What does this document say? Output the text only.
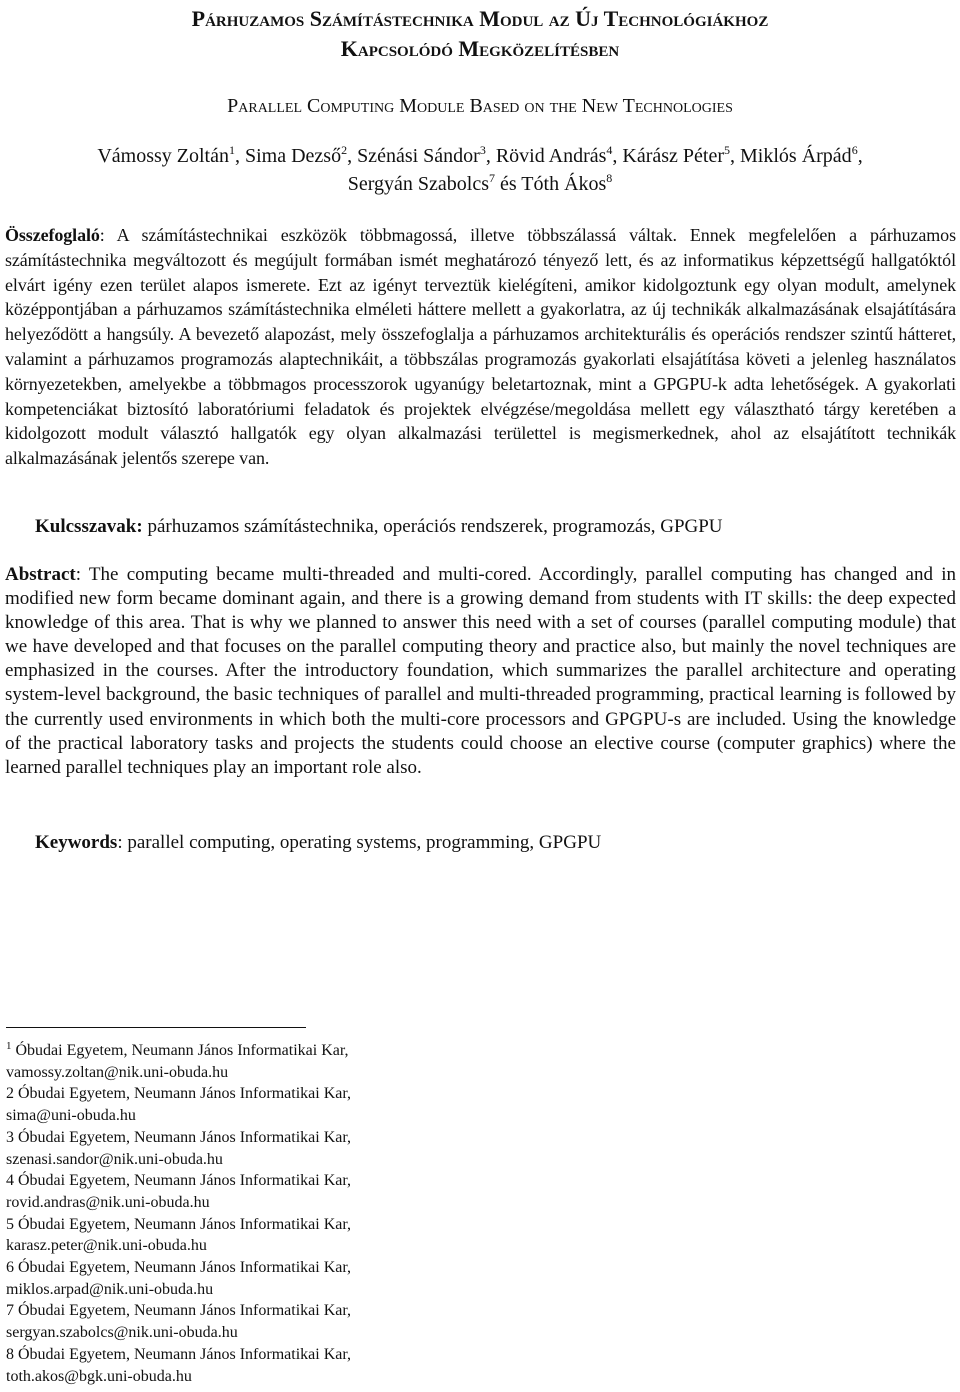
Párhuzamos Számítástechnika Modul az Új Technológiákhoz
Kapcsolódó Megközelítésben
Parallel Computing Module Based on the New Technologies
Vámossy Zoltán$^1$, Sima Dezső$^2$, Szénási Sándor$^3$, Rövid András$^4$, Kárász Péter$^5$, Miklós Árpád$^6$,
Sergyán Szabolcs$^7$ és Tóth Ákos$^8$
Összefoglaló: A számítástechnikai eszközök többmagossá, illetve többszálassá váltak. Ennek megfelelően a párhuzamos számítástechnika megváltozott és megújult formában ismét meghatározó tényező lett, és az informatikus képzettségű hallgatóktól elvárt igény ezen terület alapos ismerete. Ezt az igényt terveztük kielégíteni, amikor kidolgoztunk egy olyan modult, amelynek középpontjában a párhuzamos számítástechnika elméleti háttere mellett a gyakorlatra, az új technikák alkalmazásának elsajátítására helyeződött a hangsúly. A bevezető alapozást, mely összefoglalja a párhuzamos architekturális és operációs rendszer szintű hátteret, valamint a párhuzamos programozás alaptechnikáit, a többszálas programozás gyakorlati elsajátítása követi a jelenleg használatos környezetekben, amelyekbe a többmagos processzorok ugyanúgy beletartoznak, mint a GPGPU-k adta lehetőségek. A gyakorlati kompetenciákat biztosító laboratóriumi feladatok és projektek elvégzése/megoldása mellett egy választható tárgy keretében a kidolgozott modult választó hallgatók egy olyan alkalmazási területtel is megismerkednek, ahol az elsajátított technikák alkalmazásának jelentős szerepe van.
Kulcsszavak: párhuzamos számítástechnika, operációs rendszerek, programozás, GPGPU
Abstract: The computing became multi-threaded and multi-cored. Accordingly, parallel computing has changed and in modified new form became dominant again, and there is a growing demand from students with IT skills: the deep expected knowledge of this area. That is why we planned to answer this need with a set of courses (parallel computing module) that we have developed and that focuses on the parallel computing theory and practice also, but mainly the novel techniques are emphasized in the courses. After the introductory foundation, which summarizes the parallel architecture and operating system-level background, the basic techniques of parallel and multi-threaded programming, practical learning is followed by the currently used environments in which both the multi-core processors and GPGPU-s are included. Using the knowledge of the practical laboratory tasks and projects the students could choose an elective course (computer graphics) where the learned parallel techniques play an important role also.
Keywords: parallel computing, operating systems, programming, GPGPU
$^1$ Óbudai Egyetem, Neumann János Informatikai Kar,
vamossy.zoltan@nik.uni-obuda.hu
2 Óbudai Egyetem, Neumann János Informatikai Kar,
sima@uni-obuda.hu
3 Óbudai Egyetem, Neumann János Informatikai Kar,
szenasi.sandor@nik.uni-obuda.hu
4 Óbudai Egyetem, Neumann János Informatikai Kar,
rovid.andras@nik.uni-obuda.hu
5 Óbudai Egyetem, Neumann János Informatikai Kar,
karasz.peter@nik.uni-obuda.hu
6 Óbudai Egyetem, Neumann János Informatikai Kar,
miklos.arpad@nik.uni-obuda.hu
7 Óbudai Egyetem, Neumann János Informatikai Kar,
sergyan.szabolcs@nik.uni-obuda.hu
8 Óbudai Egyetem, Neumann János Informatikai Kar,
toth.akos@bgk.uni-obuda.hu
